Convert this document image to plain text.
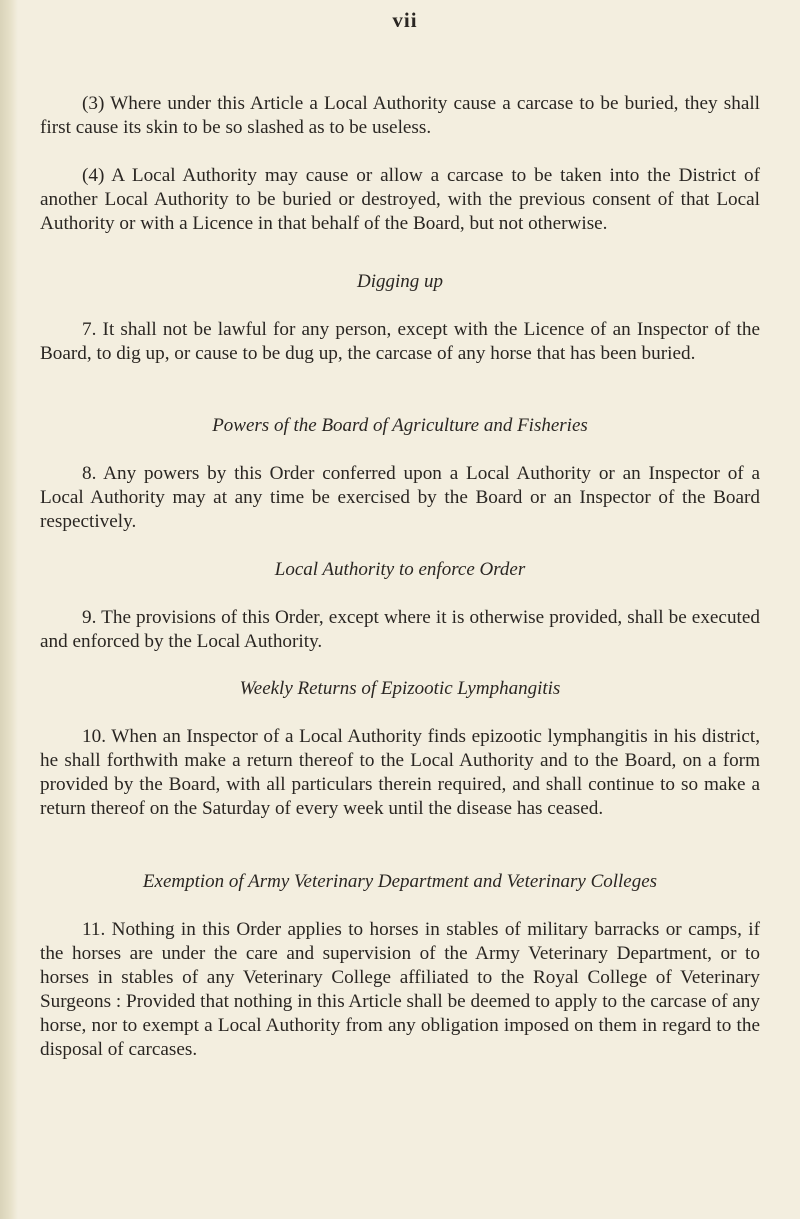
vii

(3) Where under this Article a Local Authority cause a carcase to be buried, they shall first cause its skin to be so slashed as to be useless.

(4) A Local Authority may cause or allow a carcase to be taken into the District of another Local Authority to be buried or destroyed, with the previous consent of that Local Authority or with a Licence in that behalf of the Board, but not otherwise.

Digging up

7. It shall not be lawful for any person, except with the Licence of an Inspector of the Board, to dig up, or cause to be dug up, the carcase of any horse that has been buried.

Powers of the Board of Agriculture and Fisheries

8. Any powers by this Order conferred upon a Local Authority or an Inspector of a Local Authority may at any time be exercised by the Board or an Inspector of the Board respectively.

Local Authority to enforce Order

9. The provisions of this Order, except where it is otherwise provided, shall be executed and enforced by the Local Authority.

Weekly Returns of Epizootic Lymphangitis

10. When an Inspector of a Local Authority finds epizootic lymphangitis in his district, he shall forthwith make a return thereof to the Local Authority and to the Board, on a form provided by the Board, with all particulars therein required, and shall continue to so make a return thereof on the Saturday of every week until the disease has ceased.

Exemption of Army Veterinary Department and Veterinary Colleges

11. Nothing in this Order applies to horses in stables of military barracks or camps, if the horses are under the care and supervision of the Army Veterinary Department, or to horses in stables of any Veterinary College affiliated to the Royal College of Veterinary Surgeons : Provided that nothing in this Article shall be deemed to apply to the carcase of any horse, nor to exempt a Local Authority from any obligation imposed on them in regard to the disposal of carcases.
